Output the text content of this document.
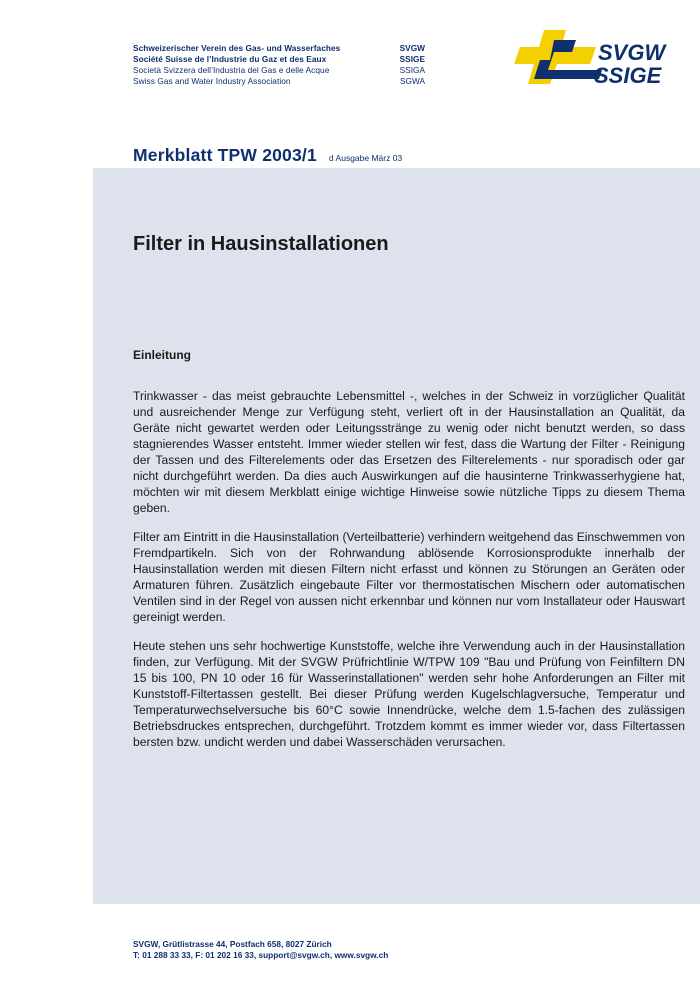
Schweizerischer Verein des Gas- und Wasserfaches	SVGW
Société Suisse de l’Industrie du Gaz et des Eaux	SSIGE
Società Svizzera dell’Industria del Gas e delle Acque	SSIGA
Swiss Gas and Water Industry Association	SGWA
SVGW
SSIGE
Merkblatt TPW 2003/1 d Ausgabe März 03
Filter in Hausinstallationen
Einleitung

Trinkwasser - das meist gebrauchte Lebensmittel -, welches in der Schweiz in vorzüglicher Qualität und ausreichender Menge zur Verfügung steht, verliert oft in der Hausinstallation an Qualität, da Geräte nicht gewartet werden oder Leitungsstränge zu wenig oder nicht benutzt werden, so dass stagnierendes Wasser entsteht. Immer wieder stellen wir fest, dass die Wartung der Filter - Reinigung der Tassen und des Filterelements oder das Ersetzen des Filterelements - nur sporadisch oder gar nicht durchgeführt werden. Da dies auch Auswirkungen auf die hausinterne Trinkwasserhygiene hat, möchten wir mit diesem Merkblatt einige wichtige Hinweise sowie nützliche Tipps zu diesem Thema geben.

Filter am Eintritt in die Hausinstallation (Verteilbatterie) verhindern weitgehend das Einschwemmen von Fremdpartikeln. Sich von der Rohrwandung ablösende Korrosionsprodukte innerhalb der Hausinstallation werden mit diesen Filtern nicht erfasst und können zu Störungen an Geräten oder Armaturen führen. Zusätzlich eingebaute Filter vor thermostatischen Mischern oder automatischen Ventilen sind in der Regel von aussen nicht erkennbar und können nur vom Installateur oder Hauswart gereinigt werden.

Heute stehen uns sehr hochwertige Kunststoffe, welche ihre Verwendung auch in der Hausinstallation finden, zur Verfügung. Mit der SVGW Prüfrichtlinie W/TPW 109 "Bau und Prüfung von Feinfiltern DN 15 bis 100, PN 10 oder 16 für Wasserinstallationen" werden sehr hohe Anforderungen an Filter mit Kunststoff-Filtertassen gestellt. Bei dieser Prüfung werden Kugelschlagversuche, Temperatur und Temperaturwechselversuche bis 60°C sowie Innendrücke, welche dem 1.5-fachen des zulässigen Betriebsdruckes entsprechen, durchgeführt. Trotzdem kommt es immer wieder vor, dass Filtertassen bersten bzw. undicht werden und dabei Wasserschäden verursachen.

SVGW, Grütlistrasse 44, Postfach 658, 8027 Zürich
T: 01 288 33 33, F: 01 202 16 33, support@svgw.ch, www.svgw.ch
